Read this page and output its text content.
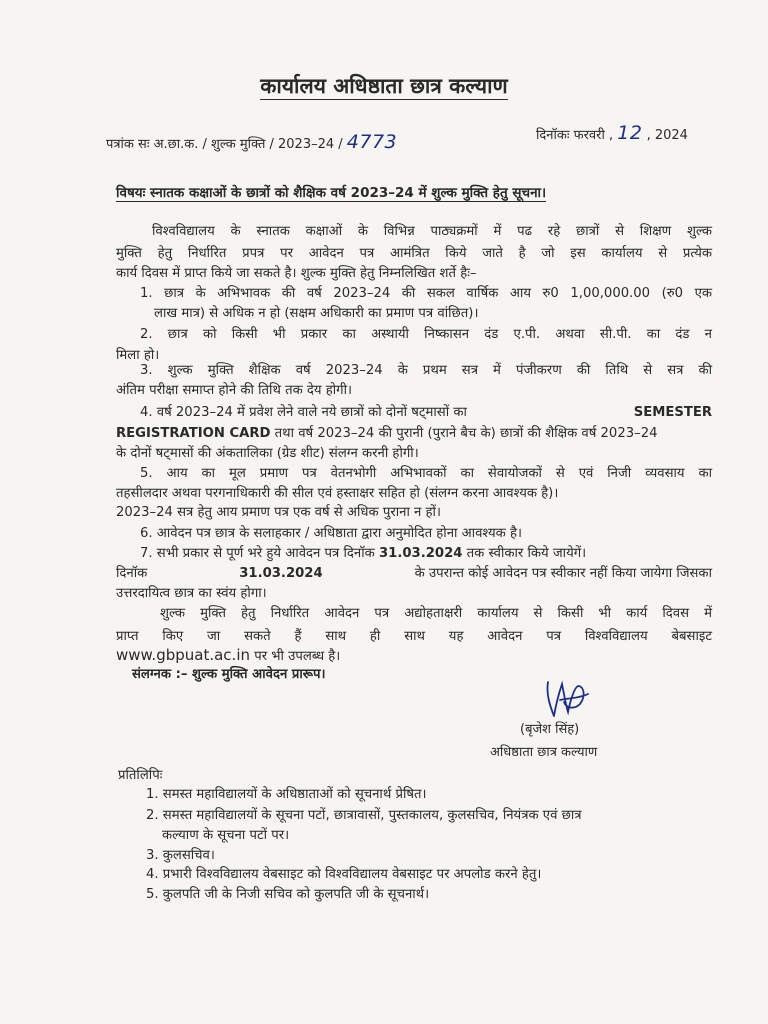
कार्यालय अधिष्ठाता छात्र कल्याण
पत्रांक सः अ.छा.क. / शुल्क मुक्ति / 2023–24 / 4773	दिनॉकः फरवरी , 12 , 2024
विषयः स्नातक कक्षाओं के छात्रों को शैक्षिक वर्ष 2023–24 में शुल्क मुक्ति हेतु सूचना।
विश्वविद्यालय के स्नातक कक्षाओं के विभिन्न पाठ्यक्रमों में पढ रहे छात्रों से शिक्षण शुल्क
मुक्ति हेतु निर्धारित प्रपत्र पर आवेदन पत्र आमंत्रित किये जाते है जो इस कार्यालय से प्रत्येक
कार्य दिवस में प्राप्त किये जा सकते है। शुल्क मुक्ति हेतु निम्नलिखित शर्ते हैः–
1. छात्र के अभिभावक की वर्ष 2023–24 की सकल वार्षिक आय रु0 1,00,000.00 (रु0 एक
लाख मात्र) से अधिक न हो (सक्षम अधिकारी का प्रमाण पत्र वांछित)।
2. छात्र को किसी भी प्रकार का अस्थायी निष्कासन दंड ए.पी. अथवा सी.पी. का दंड न
मिला हो।
3. शुल्क मुक्ति शैक्षिक वर्ष 2023–24 के प्रथम सत्र में पंजीकरण की तिथि से सत्र की
अंतिम परीक्षा समाप्त होने की तिथि तक देय होगी।
4. वर्ष 2023–24 में प्रवेश लेने वाले नये छात्रों को दोनों षट्मासों का	SEMESTER
REGISTRATION CARD तथा वर्ष 2023–24 की पुरानी (पुराने बैच के) छात्रों की शैक्षिक वर्ष 2023–24
के दोनों षट्मासों की अंकतालिका (ग्रेड शीट) संलग्न करनी होगी।
5. आय का मूल प्रमाण पत्र वेतनभोगी अभिभावकों का सेवायोजकों से एवं निजी व्यवसाय का
तहसीलदार अथवा परगनाधिकारी की सील एवं हस्ताक्षर सहित हो (संलग्न करना आवश्यक है)।
2023–24 सत्र हेतु आय प्रमाण पत्र एक वर्ष से अधिक पुराना न हों।
6. आवेदन पत्र छात्र के सलाहकार / अधिष्ठाता द्वारा अनुमोदित होना आवश्यक है।
7. सभी प्रकार से पूर्ण भरे हुये आवेदन पत्र दिनॉक 31.03.2024 तक स्वीकार किये जायेगें।
दिनॉक	31.03.2024	के उपरान्त कोई आवेदन पत्र स्वीकार नहीं किया जायेगा जिसका
उत्तरदायित्व छात्र का स्वंय होगा।
शुल्क मुक्ति हेतु निर्धारित आवेदन पत्र अद्योहताक्षरी कार्यालय से किसी भी कार्य दिवस में
प्राप्त किए जा सकते हैं साथ ही साथ यह आवेदन पत्र विश्वविद्यालय बेबसाइट
www.gbpuat.ac.in पर भी उपलब्ध है।
संलग्नक :– शुल्क मुक्ति आवेदन प्रारूप।
(बृजेश सिंह)
अधिष्ठाता छात्र कल्याण
प्रतिलिपिः
1. समस्त महाविद्यालयों के अधिष्ठाताओं को सूचनार्थ प्रेषित।
2. समस्त महाविद्यालयों के सूचना पटों, छात्रावासों, पुस्तकालय, कुलसचिव, नियंत्रक एवं छात्र
कल्याण के सूचना पटों पर।
3. कुलसचिव।
4. प्रभारी विश्वविद्यालय वेबसाइट को विश्वविद्यालय वेबसाइट पर अपलोड करने हेतु।
5. कुलपति जी के निजी सचिव को कुलपति जी के सूचनार्थ।
